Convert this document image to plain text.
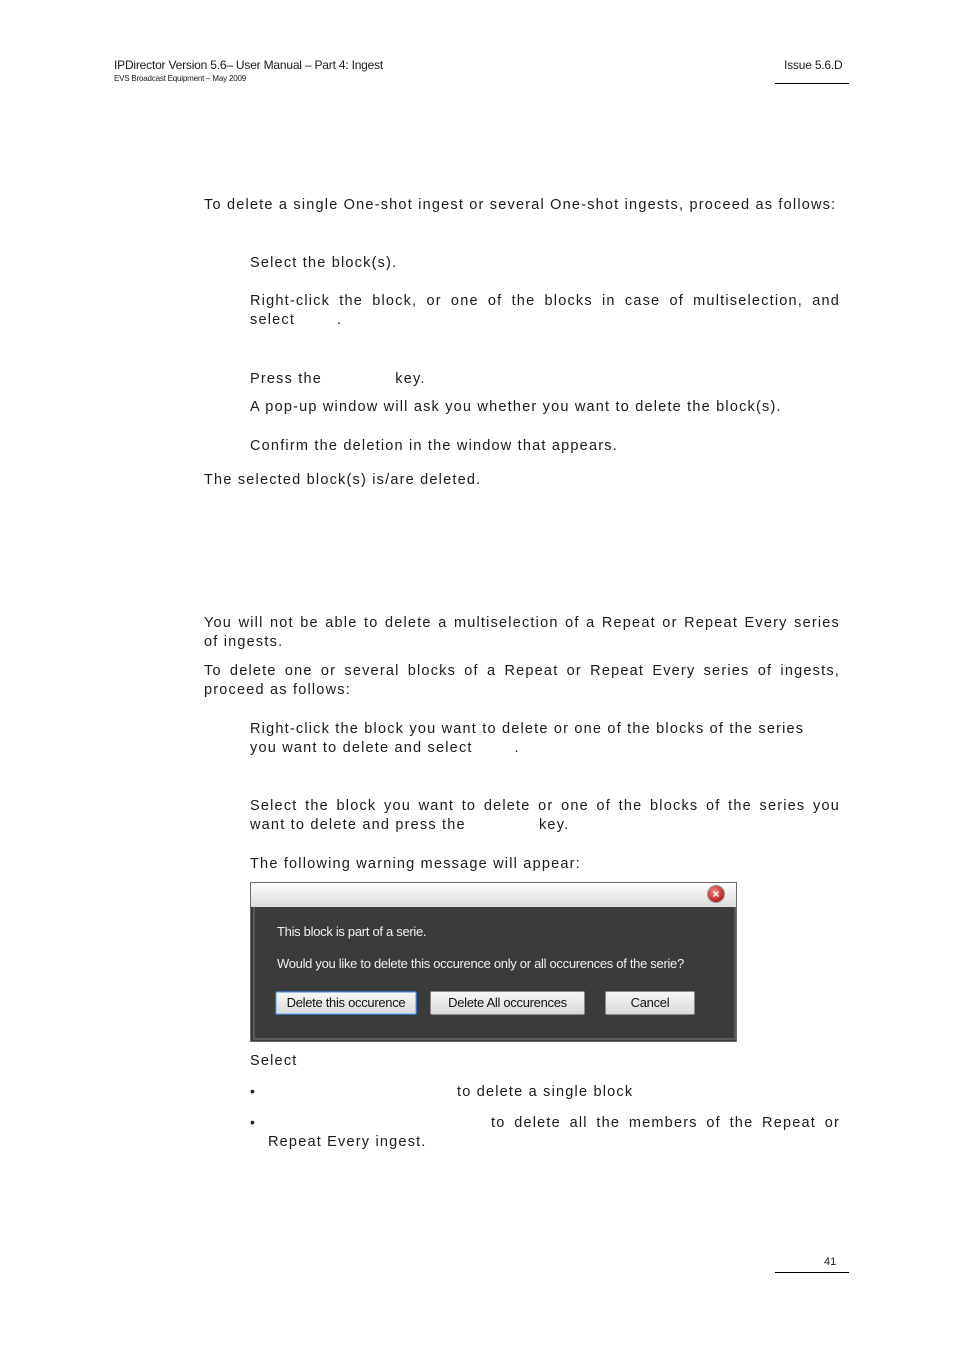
IPDirector Version 5.6– User Manual – Part 4: Ingest
EVS Broadcast Equipment – May 2009
Issue 5.6.D

To delete a single One-shot ingest or several One-shot ingests, proceed as follows:

Select the block(s).

Right-click the block, or one of the blocks in case of multiselection, and select        .

Press the              key.

A pop-up window will ask you whether you want to delete the block(s).

Confirm the deletion in the window that appears.

The selected block(s) is/are deleted.

You will not be able to delete a multiselection of a Repeat or Repeat Every series of ingests.

To delete one or several blocks of a Repeat or Repeat Every series of ingests, proceed as follows:

Right-click the block you want to delete or one of the blocks of the series you want to delete and select        .

Select the block you want to delete or one of the blocks of the series you want to delete and press the              key.

The following warning message will appear:

×
This block is part of a serie.
Would you like to delete this occurence only or all occurences of the serie?
Delete this occurence	Delete All occurences	Cancel

Select

•	to delete a single block

•	to delete all the members of the Repeat or

Repeat Every ingest.

41
